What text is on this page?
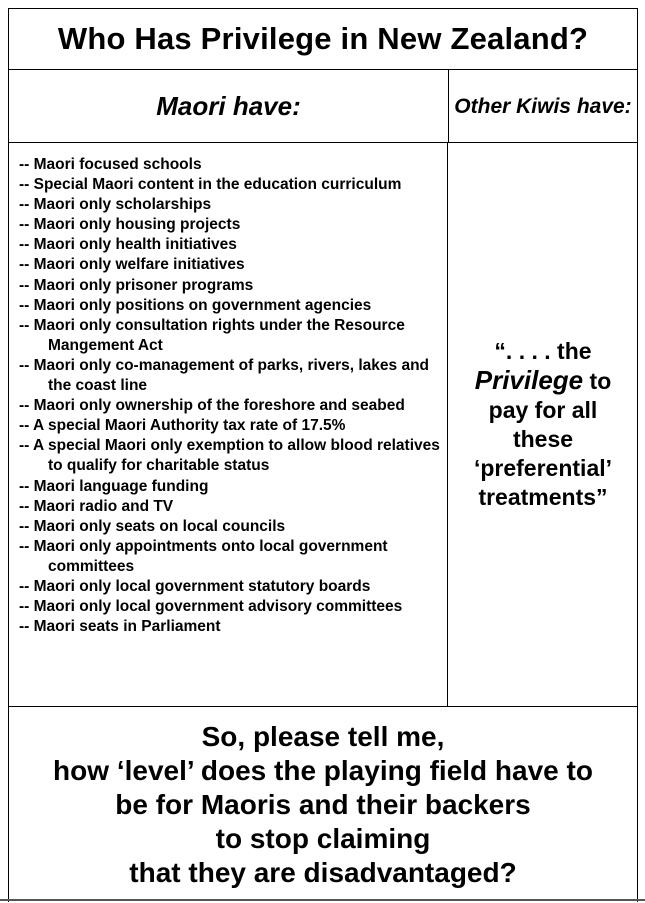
Who Has Privilege in New Zealand?
Maori have:	Other Kiwis have:
-- Maori focused schools
-- Special Maori content in the education curriculum
-- Maori only scholarships
-- Maori only housing projects
-- Maori only health initiatives
-- Maori only welfare initiatives
-- Maori only prisoner programs
-- Maori only positions on government agencies
-- Maori only consultation rights under the Resource Mangement Act
-- Maori only co-management of parks, rivers, lakes and the coast line
-- Maori only ownership of the foreshore and seabed
-- A special Maori Authority tax rate of 17.5%
-- A special Maori only exemption to allow blood relatives to qualify for charitable status
-- Maori language funding
-- Maori radio and TV
-- Maori only seats on local councils
-- Maori only appointments onto local government committees
-- Maori only local government statutory boards
-- Maori only local government advisory committees
-- Maori seats in Parliament
“. . . . the
Privilege to
pay for all
these
‘preferential’
treatments”
So, please tell me,
how ‘level’ does the playing field have to
be for Maoris and their backers
to stop claiming
that they are disadvantaged?
